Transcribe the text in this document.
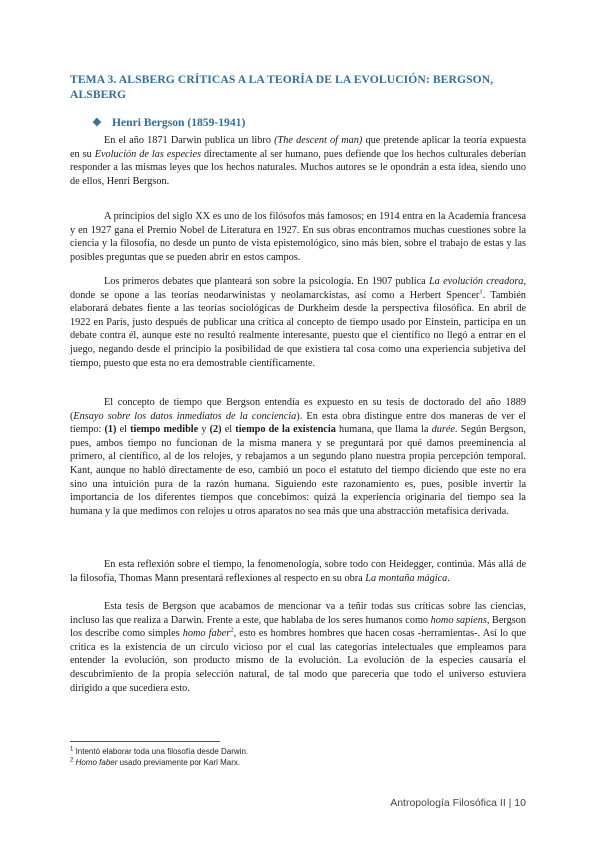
TEMA 3. ALSBERG CRÍTICAS A LA TEORÍA DE LA EVOLUCIÓN: BERGSON, ALSBERG
❖ Henri Bergson (1859-1941)

En el año 1871 Darwin publica un libro (The descent of man) que pretende aplicar la teoría expuesta en su Evolución de las especies directamente al ser humano, pues defiende que los hechos culturales deberían responder a las mismas leyes que los hechos naturales. Muchos autores se le opondrán a esta idea, siendo uno de ellos, Henri Bergson.

A principios del siglo XX es uno de los filósofos más famosos; en 1914 entra en la Academia francesa y en 1927 gana el Premio Nobel de Literatura en 1927. En sus obras encontramos muchas cuestiones sobre la ciencia y la filosofía, no desde un punto de vista epistemológico, sino más bien, sobre el trabajo de estas y las posibles preguntas que se pueden abrir en estos campos.

Los primeros debates que planteará son sobre la psicología. En 1907 publica La evolución creadora, donde se opone a las teorías neodarwinistas y neolamarckistas, así como a Herbert Spencer$^1$. También elaborará debates fiente a las teorías sociológicas de Durkheim desde la perspectiva filosófica. En abril de 1922 en París, justo después de publicar una crítica al concepto de tiempo usado por Einstein, participa en un debate contra él, aunque este no resultó realmente interesante, puesto que el científico no llegó a entrar en el juego, negando desde el principio la posibilidad de que existiera tal cosa como una experiencia subjetiva del tiempo, puesto que esta no era demostrable científicamente.

El concepto de tiempo que Bergson entendía es expuesto en su tesis de doctorado del año 1889 (Ensayo sobre los datos inmediatos de la conciencia). En esta obra distingue entre dos maneras de ver el tiempo: (1) el tiempo medible y (2) el tiempo de la existencia humana, que llama la durée. Según Bergson, pues, ambos tiempo no funcionan de la misma manera y se preguntará por qué damos preeminencia al primero, al científico, al de los relojes, y rebajamos a un segundo plano nuestra propia percepción temporal. Kant, aunque no habló directamente de eso, cambió un poco el estatuto del tiempo diciendo que este no era sino una intuición pura de la razón humana. Siguiendo este razonamiento es, pues, posible invertir la importancia de los diferentes tiempos que concebimos: quizá la experiencia originaria del tiempo sea la humana y la que medimos con relojes u otros aparatos no sea más que una abstracción metafísica derivada.

En esta reflexión sobre el tiempo, la fenomenología, sobre todo con Heidegger, continúa. Más allá de la filosofía, Thomas Mann presentará reflexiones al respecto en su obra La montaña mágica.

Esta tesis de Bergson que acabamos de mencionar va a teñir todas sus críticas sobre las ciencias, incluso las que realiza a Darwin. Frente a este, que hablaba de los seres humanos como homo sapiens, Bergson los describe como simples homo faber$^2$, esto es hombres hombres que hacen cosas -herramientas-. Así lo que critica es la existencia de un círculo vicioso por el cual las categorías intelectuales que empleamos para entender la evolución, son producto mismo de la evolución. La evolución de la especies causaría el descubrimiento de la propia selección natural, de tal modo que parecería que todo el universo estuviera dirigido a que sucediera esto.

$^1$ Intentó elaborar toda una filosofía desde Darwin.
$^2$ Homo faber usado previamente por Karl Marx.
Antropología Filosófica II | 10
